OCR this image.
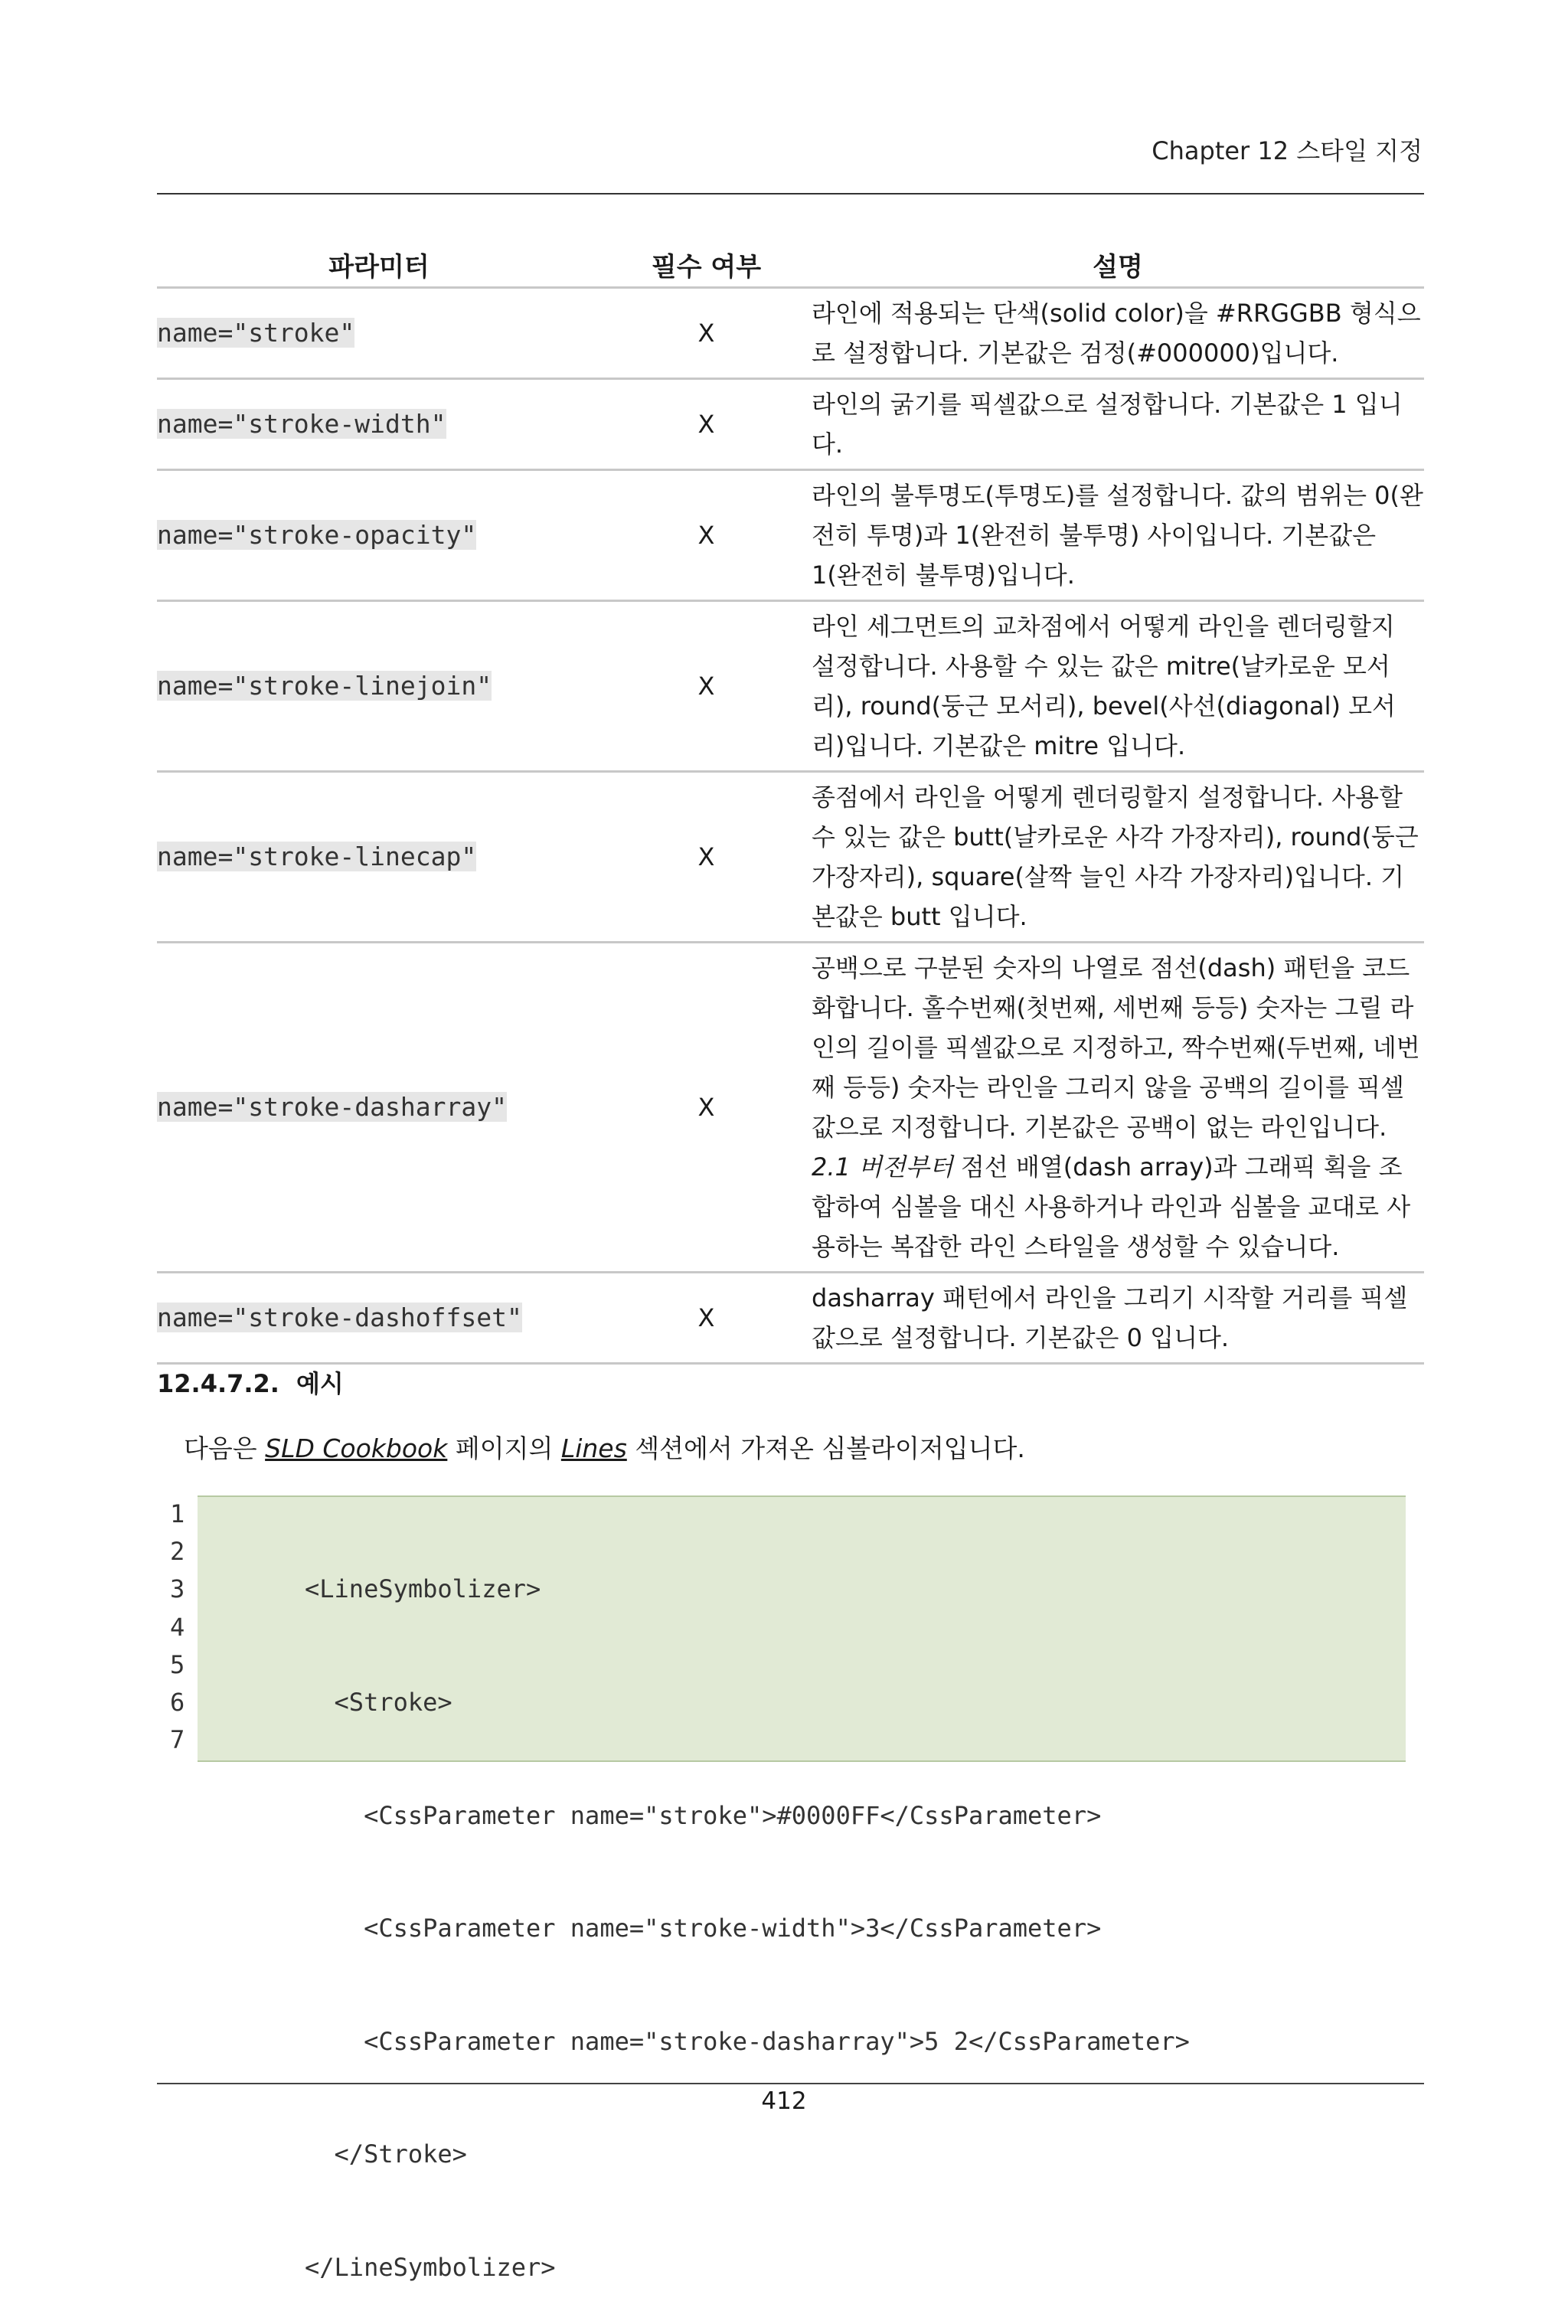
Chapter 12 스타일 지정
파라미터	필수 여부	설명
name="stroke"	X	라인에 적용되는 단색(solid color)을 #RRGGBB 형식으로 설정합니다. 기본값은 검정(#000000)입니다.
name="stroke-width"	X	라인의 굵기를 픽셀값으로 설정합니다. 기본값은 1 입니다.
name="stroke-opacity"	X	라인의 불투명도(투명도)를 설정합니다. 값의 범위는 0(완전히 투명)과 1(완전히 불투명) 사이입니다. 기본값은 1(완전히 불투명)입니다.
name="stroke-linejoin"	X	라인 세그먼트의 교차점에서 어떻게 라인을 렌더링할지 설정합니다. 사용할 수 있는 값은 mitre(날카로운 모서리), round(둥근 모서리), bevel(사선(diagonal) 모서리)입니다. 기본값은 mitre 입니다.
name="stroke-linecap"	X	종점에서 라인을 어떻게 렌더링할지 설정합니다. 사용할 수 있는 값은 butt(날카로운 사각 가장자리), round(둥근 가장자리), square(살짝 늘인 사각 가장자리)입니다. 기본값은 butt 입니다.
name="stroke-dasharray"	X	공백으로 구분된 숫자의 나열로 점선(dash) 패턴을 코드화합니다. 홀수번째(첫번째, 세번째 등등) 숫자는 그릴 라인의 길이를 픽셀값으로 지정하고, 짝수번째(두번째, 네번째 등등) 숫자는 라인을 그리지 않을 공백의 길이를 픽셀값으로 지정합니다. 기본값은 공백이 없는 라인입니다. 2.1 버전부터 점선 배열(dash array)과 그래픽 획을 조합하여 심볼을 대신 사용하거나 라인과 심볼을 교대로 사용하는 복잡한 라인 스타일을 생성할 수 있습니다.
name="stroke-dashoffset"	X	dasharray 패턴에서 라인을 그리기 시작할 거리를 픽셀값으로 설정합니다. 기본값은 0 입니다.
12.4.7.2. 예시
다음은 SLD Cookbook 페이지의 Lines 섹션에서 가져온 심볼라이저입니다.
1
2
3
4
5
6
7

<LineSymbolizer>

<Stroke>

<CssParameter name="stroke">#0000FF</CssParameter>

<CssParameter name="stroke-width">3</CssParameter>

<CssParameter name="stroke-dasharray">5 2</CssParameter>

</Stroke>

</LineSymbolizer>

412
